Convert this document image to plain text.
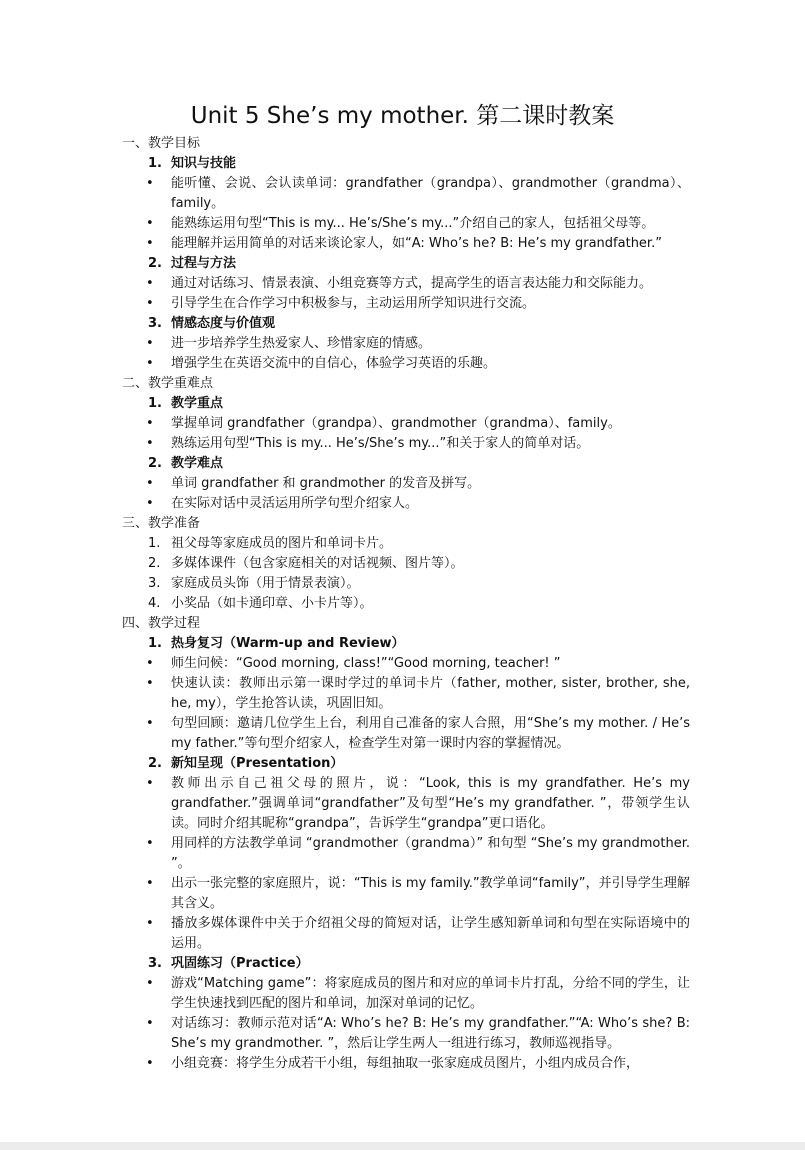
Unit 5 She’s my mother. 第二课时教案
一、教学目标
1. 知识与技能
• 能听懂、会说、会认读单词：grandfather（grandpa）、grandmother（grandma）、family。
• 能熟练运用句型“This is my... He’s/She’s my...”介绍自己的家人，包括祖父母等。
• 能理解并运用简单的对话来谈论家人，如“A: Who’s he? B: He’s my grandfather.”
2. 过程与方法
• 通过对话练习、情景表演、小组竞赛等方式，提高学生的语言表达能力和交际能力。
• 引导学生在合作学习中积极参与，主动运用所学知识进行交流。
3. 情感态度与价值观
• 进一步培养学生热爱家人、珍惜家庭的情感。
• 增强学生在英语交流中的自信心，体验学习英语的乐趣。
二、教学重难点
1. 教学重点
• 掌握单词 grandfather（grandpa）、grandmother（grandma）、family。
• 熟练运用句型“This is my... He’s/She’s my...”和关于家人的简单对话。
2. 教学难点
• 单词 grandfather 和 grandmother 的发音及拼写。
• 在实际对话中灵活运用所学句型介绍家人。
三、教学准备
1. 祖父母等家庭成员的图片和单词卡片。
2. 多媒体课件（包含家庭相关的对话视频、图片等）。
3. 家庭成员头饰（用于情景表演）。
4. 小奖品（如卡通印章、小卡片等）。
四、教学过程
1. 热身复习（Warm-up and Review）
• 师生问候：“Good morning, class!”“Good morning, teacher! ”
• 快速认读：教师出示第一课时学过的单词卡片（father, mother, sister, brother, she, he, my），学生抢答认读，巩固旧知。
• 句型回顾：邀请几位学生上台，利用自己准备的家人合照，用“She’s my mother. / He’s my father.”等句型介绍家人，检查学生对第一课时内容的掌握情况。
2. 新知呈现（Presentation）
• 教师出示自己祖父母的照片，说：“Look, this is my grandfather. He’s my grandfather.”强调单词“grandfather”及句型“He’s my grandfather. ”，带领学生认读。同时介绍其昵称“grandpa”，告诉学生“grandpa”更口语化。
• 用同样的方法教学单词 “grandmother（grandma）” 和句型 “She’s my grandmother. ”。
• 出示一张完整的家庭照片，说：“This is my family.”教学单词“family”，并引导学生理解其含义。
• 播放多媒体课件中关于介绍祖父母的简短对话，让学生感知新单词和句型在实际语境中的运用。
3. 巩固练习（Practice）
• 游戏“Matching game”：将家庭成员的图片和对应的单词卡片打乱，分给不同的学生，让学生快速找到匹配的图片和单词，加深对单词的记忆。
• 对话练习：教师示范对话“A: Who’s he? B: He’s my grandfather.”“A: Who’s she? B: She’s my grandmother. ”，然后让学生两人一组进行练习，教师巡视指导。
• 小组竞赛：将学生分成若干小组，每组抽取一张家庭成员图片，小组内成员合作，
